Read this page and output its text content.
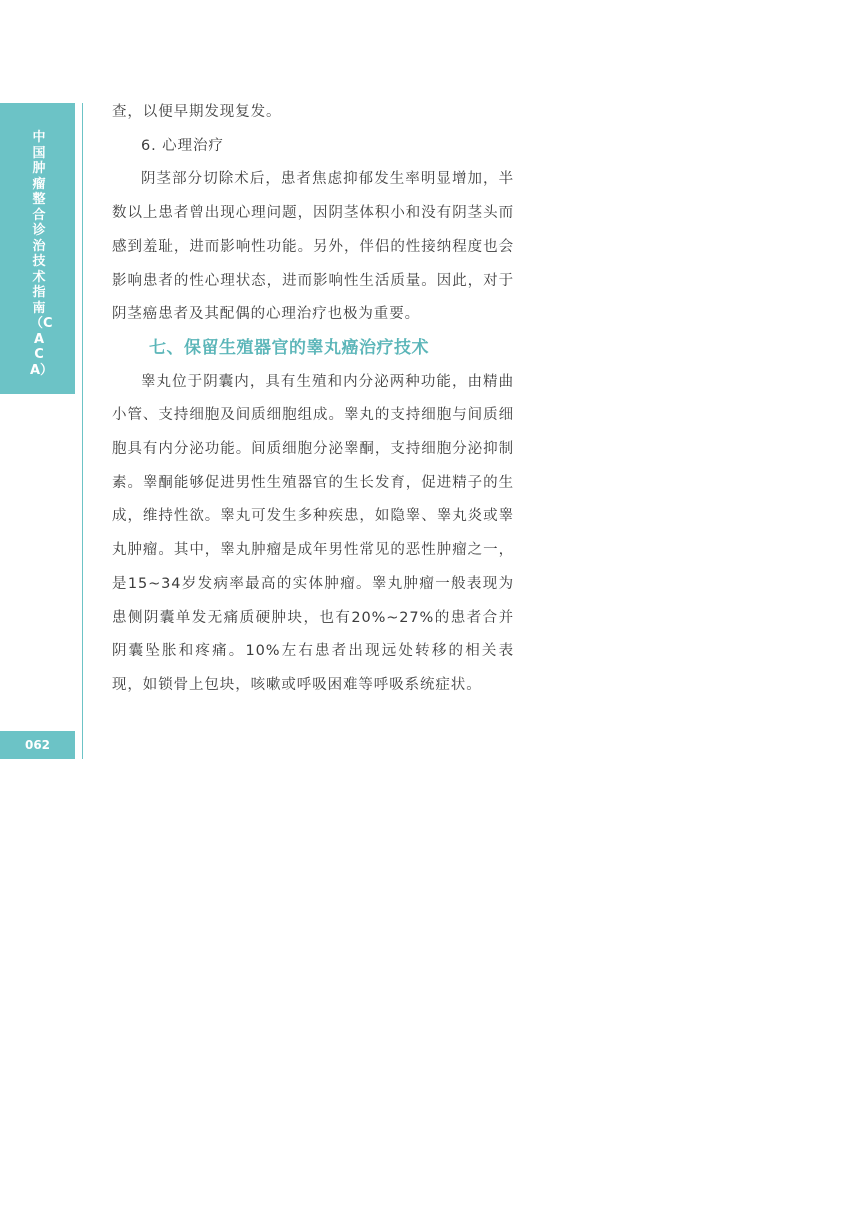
中国肿瘤整合诊治技术指南（CACA）
062

查，以便早期发现复发。

6. 心理治疗

阴茎部分切除术后，患者焦虑抑郁发生率明显增加，半数以上患者曾出现心理问题，因阴茎体积小和没有阴茎头而感到羞耻，进而影响性功能。另外，伴侣的性接纳程度也会影响患者的性心理状态，进而影响性生活质量。因此，对于阴茎癌患者及其配偶的心理治疗也极为重要。

七、保留生殖器官的睾丸癌治疗技术

睾丸位于阴囊内，具有生殖和内分泌两种功能，由精曲小管、支持细胞及间质细胞组成。睾丸的支持细胞与间质细胞具有内分泌功能。间质细胞分泌睾酮，支持细胞分泌抑制素。睾酮能够促进男性生殖器官的生长发育，促进精子的生成，维持性欲。睾丸可发生多种疾患，如隐睾、睾丸炎或睾丸肿瘤。其中，睾丸肿瘤是成年男性常见的恶性肿瘤之一，是15~34岁发病率最高的实体肿瘤。睾丸肿瘤一般表现为患侧阴囊单发无痛质硬肿块，也有20%~27%的患者合并阴囊坠胀和疼痛。10%左右患者出现远处转移的相关表现，如锁骨上包块，咳嗽或呼吸困难等呼吸系统症状。
